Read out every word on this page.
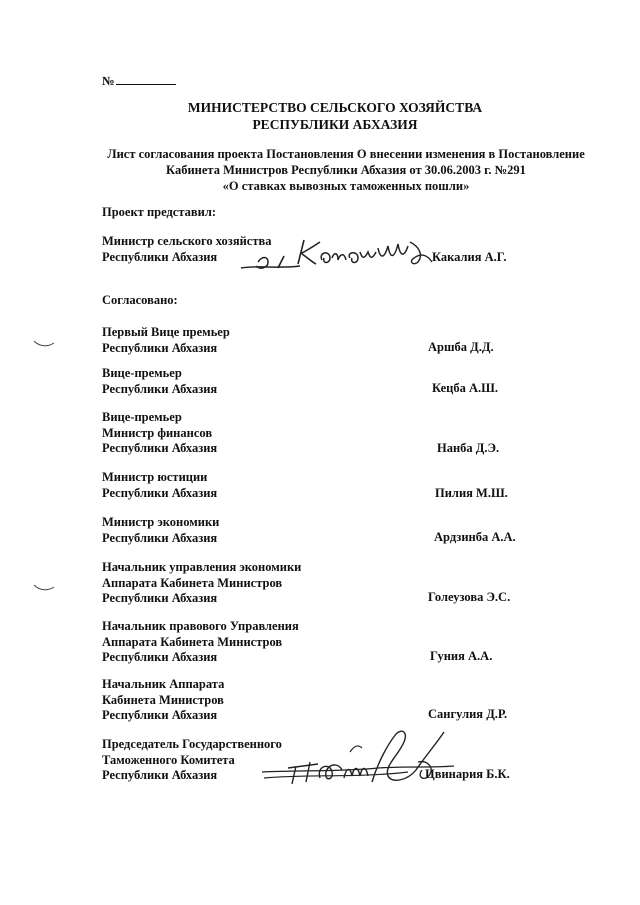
№
МИНИСТЕРСТВО СЕЛЬСКОГО ХОЗЯЙСТВА
РЕСПУБЛИКИ АБХАЗИЯ
Лист согласования проекта Постановления О внесении изменения в Постановление
Кабинета Министров Республики Абхазия от 30.06.2003 г. №291
«О ставках вывозных таможенных пошли»
Проект представил:
Министр сельского хозяйства
Республики Абхазия	Какалия А.Г.
Согласовано:
Первый Вице премьер
Республики Абхазия	Аршба Д.Д.
Вице-премьер
Республики Абхазия	Кецба А.Ш.
Вице-премьер
Министр финансов
Республики Абхазия	Нанба Д.Э.
Министр юстиции
Республики Абхазия	Пилия М.Ш.
Министр экономики
Республики Абхазия	Ардзинба А.А.
Начальник управления экономики
Аппарата Кабинета Министров
Республики Абхазия	Голеузова Э.С.
Начальник правового Управления
Аппарата Кабинета Министров
Республики Абхазия	Гуния А.А.
Начальник Аппарата
Кабинета Министров
Республики Абхазия	Сангулия Д.Р.
Председатель Государственного
Таможенного Комитета
Республики Абхазия	Цвинария Б.К.
